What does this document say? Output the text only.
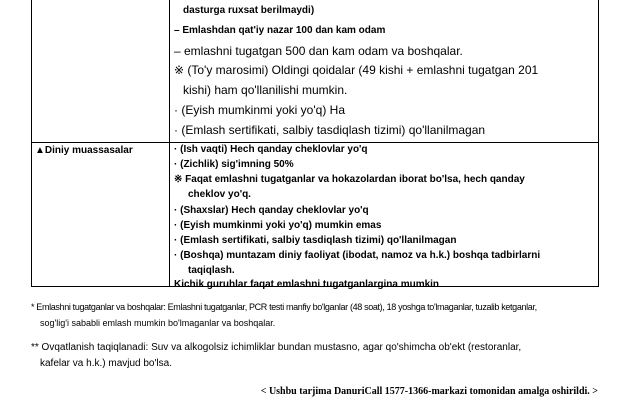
dasturga ruxsat berilmaydi)
– Emlashdan qat'iy nazar 100 dan kam odam
– emlashni tugatgan 500 dan kam odam va boshqalar.
※ (To'y marosimi) Oldingi qoidalar (49 kishi + emlashni tugatgan 201
kishi) ham qo'llanilishi mumkin.
· (Eyish mumkinmi yoki yo'q) Ha
· (Emlash sertifikati, salbiy tasdiqlash tizimi) qo'llanilmagan
▲Diniy muassasalar	· (Ish vaqti) Hech qanday cheklovlar yo'q
· (Zichlik) sig'imning 50%
※ Faqat emlashni tugatganlar va hokazolardan iborat bo'lsa, hech qanday
cheklov yo'q.
· (Shaxslar) Hech qanday cheklovlar yo'q
· (Eyish mumkinmi yoki yo'q) mumkin emas
· (Emlash sertifikati, salbiy tasdiqlash tizimi) qo'llanilmagan
· (Boshqa) muntazam diniy faoliyat (ibodat, namoz va h.k.) boshqa tadbirlarni
taqiqlash.
Kichik guruhlar faqat emlashni tugatganlargina mumkin
* Emlashni tugatganlar va boshqalar: Emlashni tugatganlar, PCR testi manfiy bo'lganlar (48 soat), 18 yoshga to'lmaganlar, tuzalib ketganlar,
sog'lig'i sababli emlash mumkin bo'lmaganlar va boshqalar.
** Ovqatlanish taqiqlanadi: Suv va alkogolsiz ichimliklar bundan mustasno, agar qo'shimcha ob'ekt (restoranlar,
kafelar va h.k.) mavjud bo'lsa.
< Ushbu tarjima DanuriCall 1577-1366-markazi tomonidan amalga oshirildi. >
